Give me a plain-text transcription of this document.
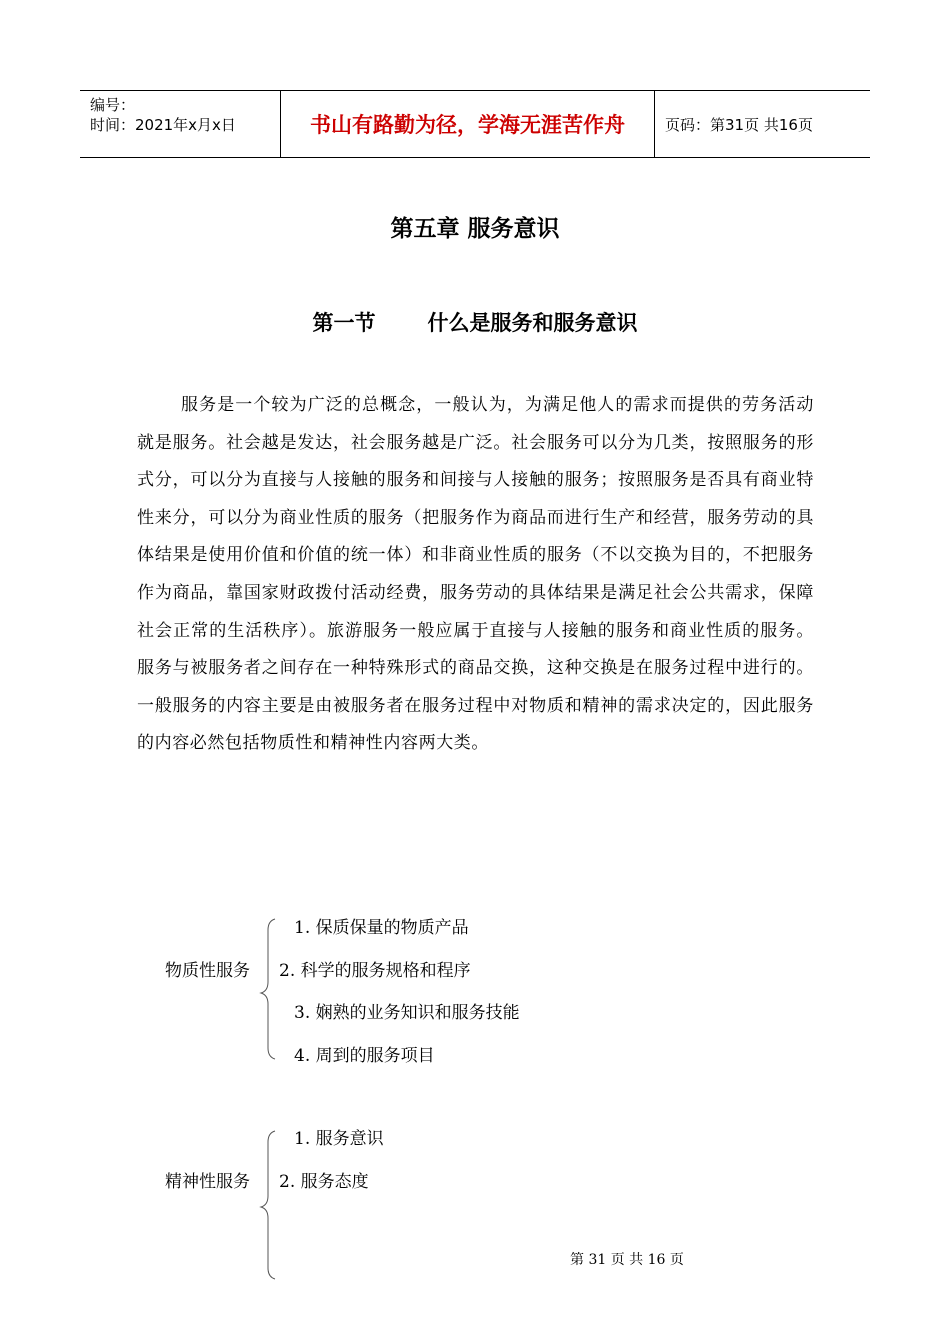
编号：
时间：2021年x月x日	书山有路勤为径，学海无涯苦作舟	页码：第31页 共16页
第五章 服务意识
第一节 什么是服务和服务意识
服务是一个较为广泛的总概念，一般认为，为满足他人的需求而提供的劳务活动就是服务。社会越是发达，社会服务越是广泛。社会服务可以分为几类，按照服务的形式分，可以分为直接与人接触的服务和间接与人接触的服务；按照服务是否具有商业特性来分，可以分为商业性质的服务（把服务作为商品而进行生产和经营，服务劳动的具体结果是使用价值和价值的统一体）和非商业性质的服务（不以交换为目的，不把服务作为商品，靠国家财政拨付活动经费，服务劳动的具体结果是满足社会公共需求，保障社会正常的生活秩序）。旅游服务一般应属于直接与人接触的服务和商业性质的服务。服务与被服务者之间存在一种特殊形式的商品交换，这种交换是在服务过程中进行的。一般服务的内容主要是由被服务者在服务过程中对物质和精神的需求决定的，因此服务的内容必然包括物质性和精神性内容两大类。
物质性服务
1. 保质保量的物质产品
2. 科学的服务规格和程序
3. 娴熟的业务知识和服务技能
4. 周到的服务项目
精神性服务
1. 服务意识
2. 服务态度
第 31 页 共 16 页
